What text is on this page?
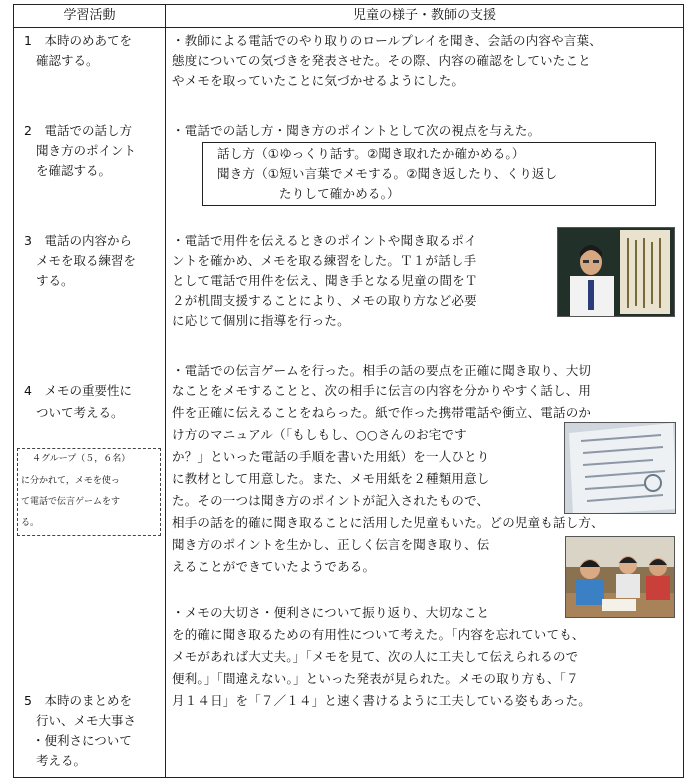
学習活動	児童の様子・教師の支援
1　本時のめあてを
確認する。
2　電話での話し方
聞き方のポイント
を確認する。
3　電話の内容から
メモを取る練習を
する。
4　メモの重要性に
ついて考える。
４グループ（５，６名）
に分かれて，メモを使っ
て電話で伝言ゲームをす
る。
5　本時のまとめを
行い、メモ大事さ
・便利さについて
考える。
・教師による電話でのやり取りのロールプレイを聞き、会話の内容や言葉、
態度についての気づきを発表させた。その際、内容の確認をしていたこと
やメモを取っていたことに気づかせるようにした。
・電話での話し方・聞き方のポイントとして次の視点を与えた。
話し方（①ゆっくり話す。②聞き取れたか確かめる。）
聞き方（①短い言葉でメモする。②聞き返したり、くり返し
たりして確かめる。）
・電話で用件を伝えるときのポイントや聞き取るポイ
ントを確かめ、メモを取る練習をした。Ｔ１が話し手
として電話で用件を伝え、聞き手となる児童の間をＴ
２が机間支援することにより、メモの取り方など必要
に応じて個別に指導を行った。
・電話での伝言ゲームを行った。相手の話の要点を正確に聞き取り、大切
なことをメモすることと、次の相手に伝言の内容を分かりやすく話し、用
件を正確に伝えることをねらった。紙で作った携帯電話や衝立、電話のか
け方のマニュアル（「もしもし、○○さんのお宅です
か？」といった電話の手順を書いた用紙）を一人ひとり
に教材として用意した。また、メモ用紙を２種類用意し
た。その一つは聞き方のポイントが記入されたもので、
相手の話を的確に聞き取ることに活用した児童もいた。どの児童も話し方、
聞き方のポイントを生かし、正しく伝言を聞き取り、伝
えることができていたようである。
・メモの大切さ・便利さについて振り返り、大切なこと
を的確に聞き取るための有用性について考えた。「内容を忘れていても、
メモがあれば大丈夫。」「メモを見て、次の人に工夫して伝えられるので
便利。」「間違えない。」といった発表が見られた。メモの取り方も、「７
月１４日」を「７／１４」と速く書けるように工夫している姿もあった。
